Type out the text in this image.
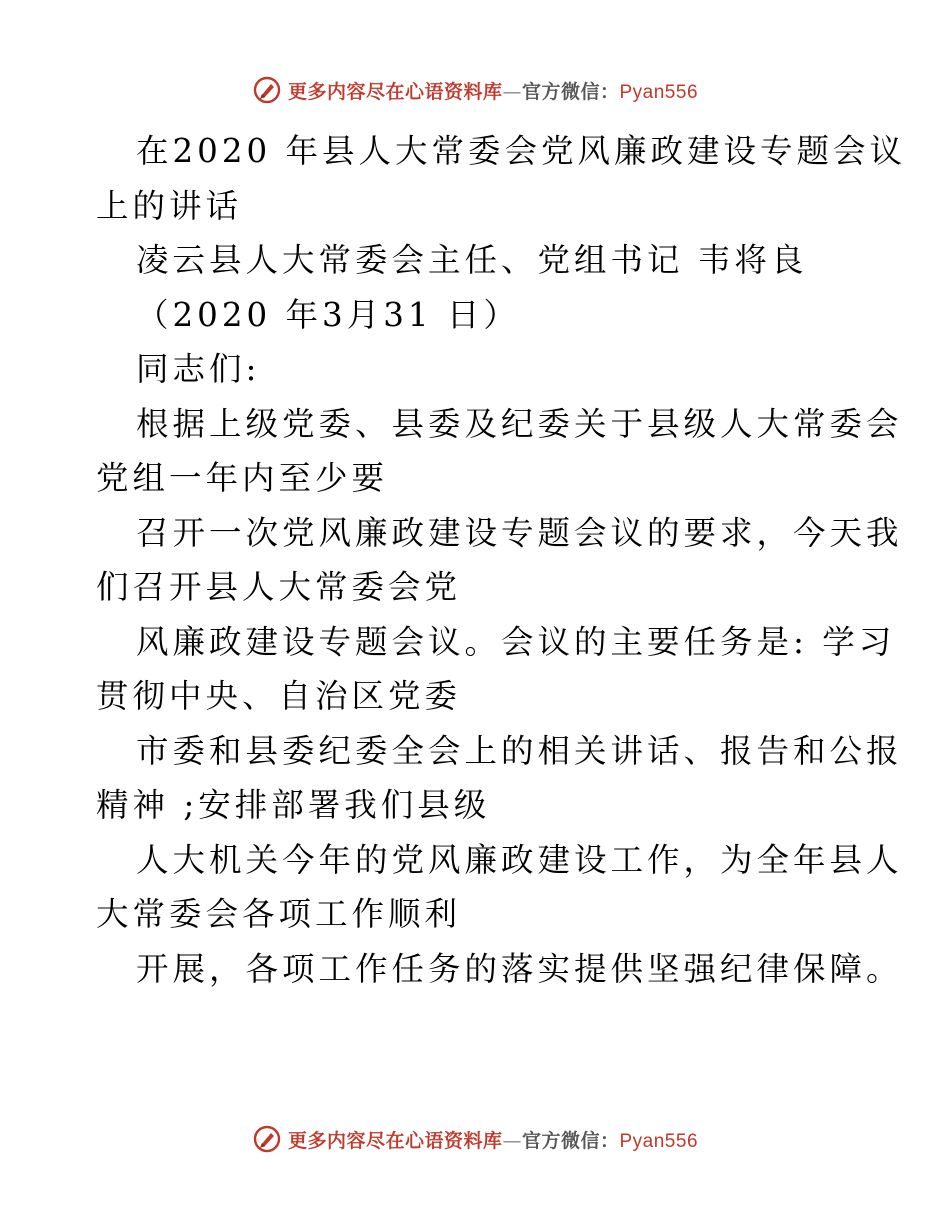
更多内容尽在心语资料库—官方微信：Pyan556
在2020 年县人大常委会党风廉政建设专题会议
上的讲话
凌云县人大常委会主任、党组书记 韦将良
（2020 年3月31 日）
同志们:
根据上级党委、县委及纪委关于县级人大常委会
党组一年内至少要
召开一次党风廉政建设专题会议的要求，今天我
们召开县人大常委会党
风廉政建设专题会议。会议的主要任务是: 学习
贯彻中央、自治区党委
市委和县委纪委全会上的相关讲话、报告和公报
精神 ;安排部署我们县级
人大机关今年的党风廉政建设工作，为全年县人
大常委会各项工作顺利
开展，各项工作任务的落实提供坚强纪律保障。
更多内容尽在心语资料库—官方微信：Pyan556
